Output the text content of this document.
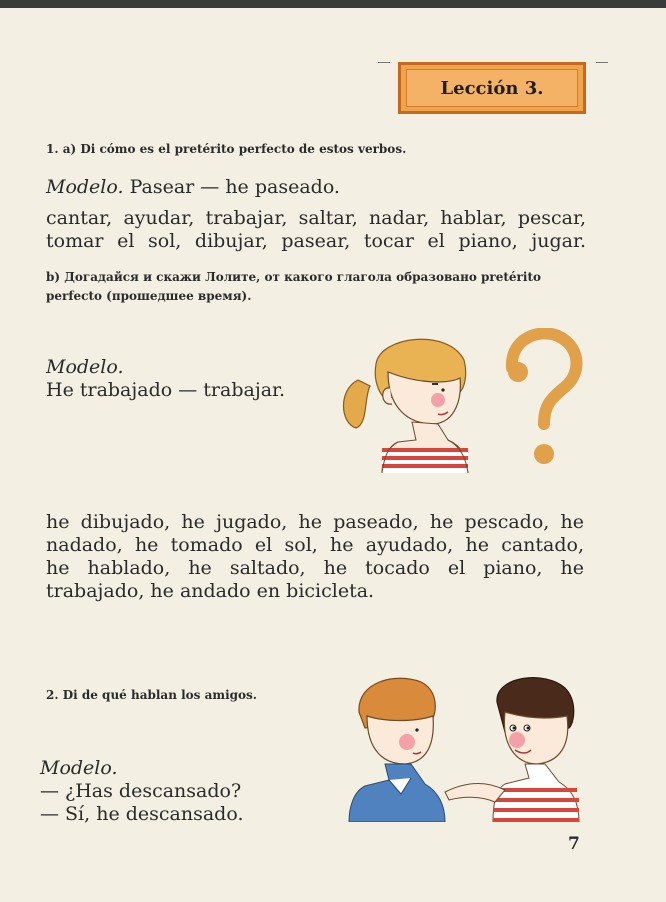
Lección 3.
1. a) Di cómo es el pretérito perfecto de estos verbos.
Modelo. Pasear — he paseado.
cantar, ayudar, trabajar, saltar, nadar, hablar, pescar,
tomar el sol, dibujar, pasear, tocar el piano, jugar.
b) Догадайся и скажи Лолите, от какого глагола образовано pretérito
perfecto (прошедшее время).
Modelo.
He trabajado — trabajar.
he dibujado, he jugado, he paseado, he pescado, he
nadado, he tomado el sol, he ayudado, he cantado,
he hablado, he saltado, he tocado el piano, he
trabajado, he andado en bicicleta.
2. Di de qué hablan los amigos.
Modelo.
— ¿Has descansado?
— Sí, he descansado.
7
